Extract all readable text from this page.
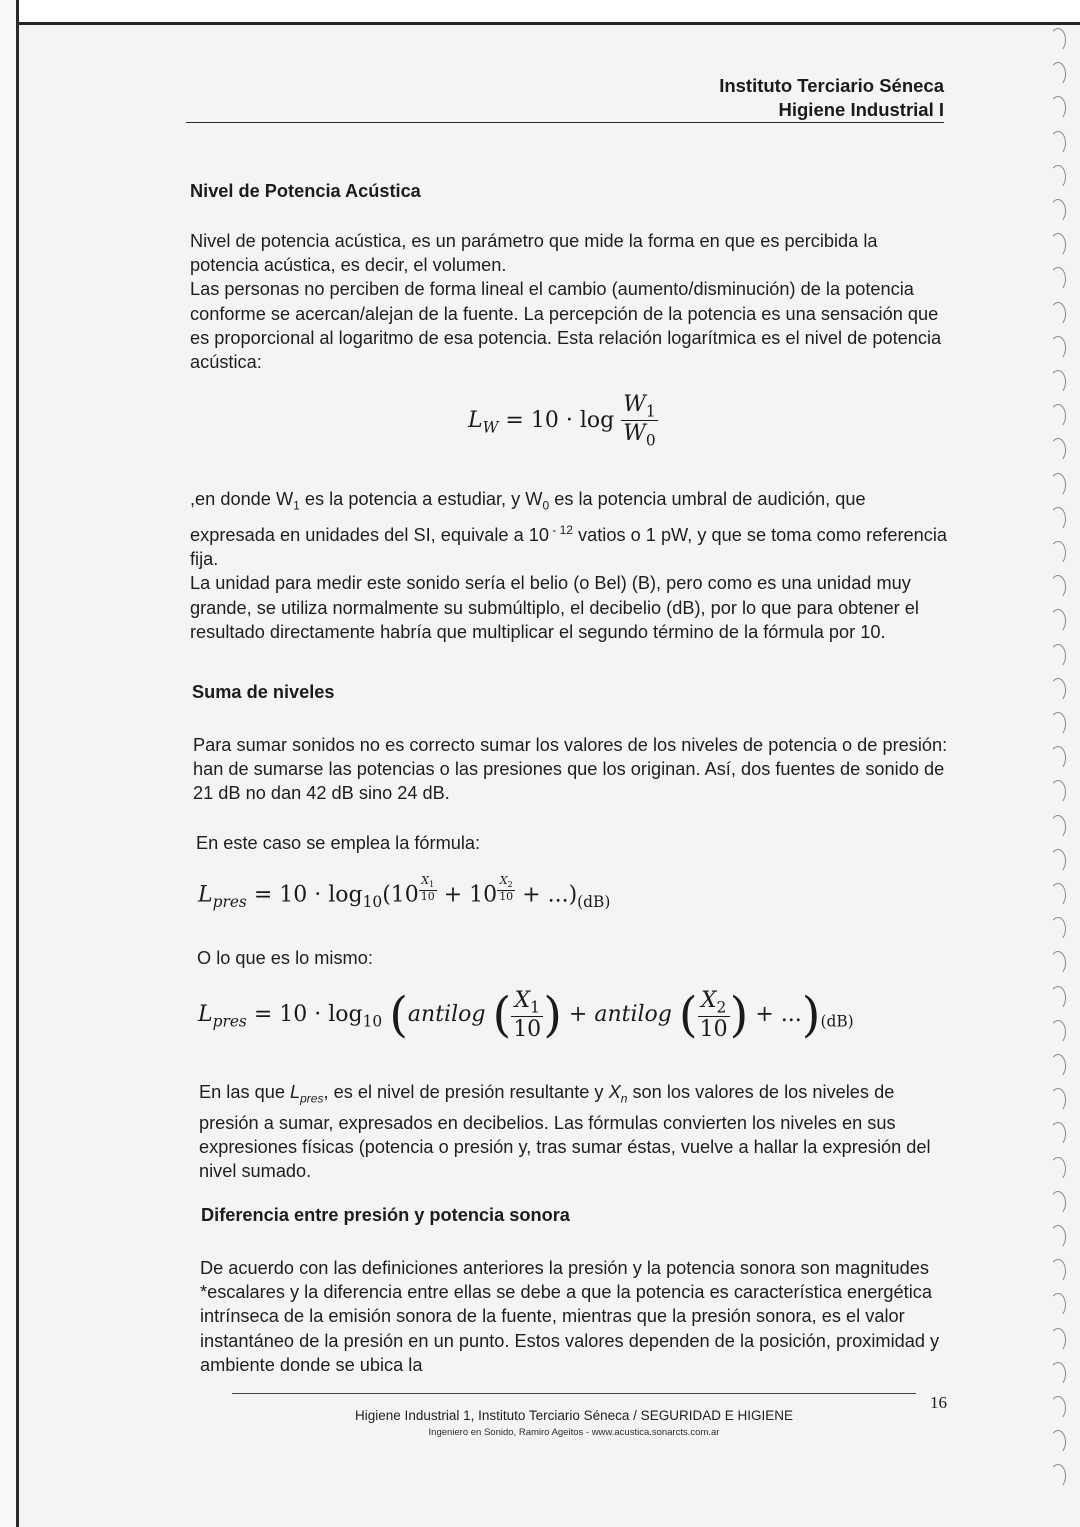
Instituto Terciario Séneca
Higiene Industrial I
Nivel de Potencia Acústica

Nivel de potencia acústica, es un parámetro que mide la forma en que es percibida la potencia acústica, es decir, el volumen.

Las personas no perciben de forma lineal el cambio (aumento/disminución) de la potencia conforme se acercan/alejan de la fuente. La percepción de la potencia es una sensación que es proporcional al logaritmo de esa potencia. Esta relación logarítmica es el nivel de potencia acústica:

$L_W = 10 \cdot \log \frac{W_1}{W_0}$

,en donde $W_1$ es la potencia a estudiar, y $W_0$ es la potencia umbral de audición, que expresada en unidades del SI, equivale a 10 $^{- 12}$ vatios o 1 pW, y que se toma como referencia fija.

La unidad para medir este sonido sería el belio (o Bel) (B), pero como es una unidad muy grande, se utiliza normalmente su submúltiplo, el decibelio (dB), por lo que para obtener el resultado directamente habría que multiplicar el segundo término de la fórmula por 10.

Suma de niveles

Para sumar sonidos no es correcto sumar los valores de los niveles de potencia o de presión: han de sumarse las potencias o las presiones que los originan. Así, dos fuentes de sonido de 21 dB no dan 42 dB sino 24 dB.

En este caso se emplea la fórmula:

$L_{pres} = 10 \cdot \log_{10}(10$ $^{\frac{X_1}{10}}$ + 10 $^{\frac{X_2}{10}} + ...)_{(dB)}$

O lo que es lo mismo:

$L_{pres} = 10 \cdot \log_{10}$ (antilog ( $\frac{X_1}{10}$ ) + antilog ( $\frac{X_2}{10}$ ) + $...)_{(dB)}$

En las que $L_{pres}$, es el nivel de presión resultante y $X_n$ son los valores de los niveles de presión a sumar, expresados en decibelios. Las fórmulas convierten los niveles en sus expresiones físicas (potencia o presión y, tras sumar éstas, vuelve a hallar la expresión del nivel sumado.

Diferencia entre presión y potencia sonora

De acuerdo con las definiciones anteriores la presión y la potencia sonora son magnitudes *escalares y la diferencia entre ellas se debe a que la potencia es característica energética intrínseca de la emisión sonora de la fuente, mientras que la presión sonora, es el valor instantáneo de la presión en un punto. Estos valores dependen de la posición, proximidad y ambiente donde se ubica la

16
Higiene Industrial 1, Instituto Terciario Séneca / SEGURIDAD E HIGIENE
Ingeniero en Sonido, Ramiro Ageitos - www.acustica.sonarcts.com.ar
